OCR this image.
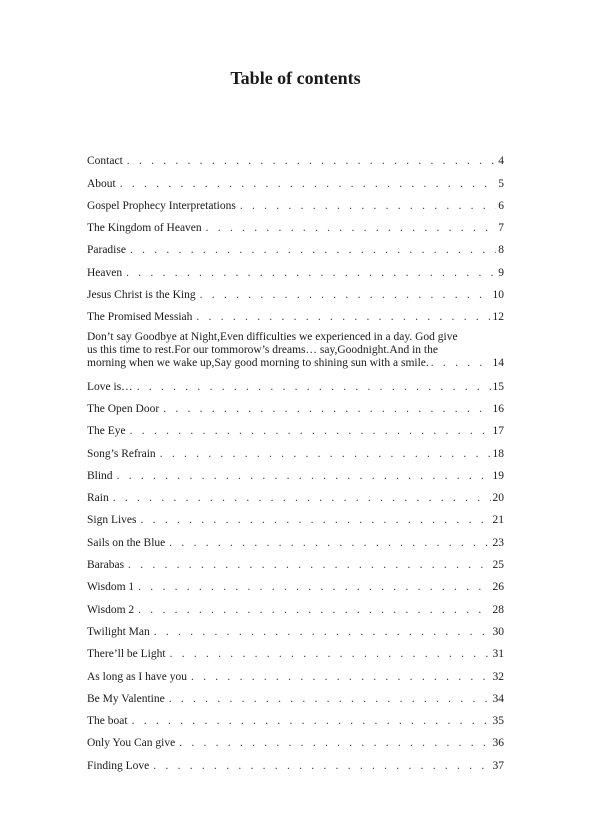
Table of contents
Contact . . .	4
About . . .	5
Gospel Prophecy Interpretations . . .	6
The Kingdom of Heaven . . .	7
Paradise . . .	8
Heaven . . .	9
Jesus Christ is the King . . .	10
The Promised Messiah . . .	12
Don’t say Goodbye at Night,Even difficulties we experienced in a day. God give
us this time to rest.For our tommorow’s dreams… say,Goodnight.And in the
morning when we wake up,Say good morning to shining sun with a smile. . . .	14
Love is… . . .	15
The Open Door . . .	16
The Eye . . .	17
Song’s Refrain . . .	18
Blind . . .	19
Rain . . .	20
Sign Lives . . .	21
Sails on the Blue . . .	23
Barabas . . .	25
Wisdom 1 . . .	26
Wisdom 2 . . .	28
Twilight Man . . .	30
There’ll be Light . . .	31
As long as I have you . . .	32
Be My Valentine . . .	34
The boat . . .	35
Only You Can give . . .	36
Finding Love . . .	37
